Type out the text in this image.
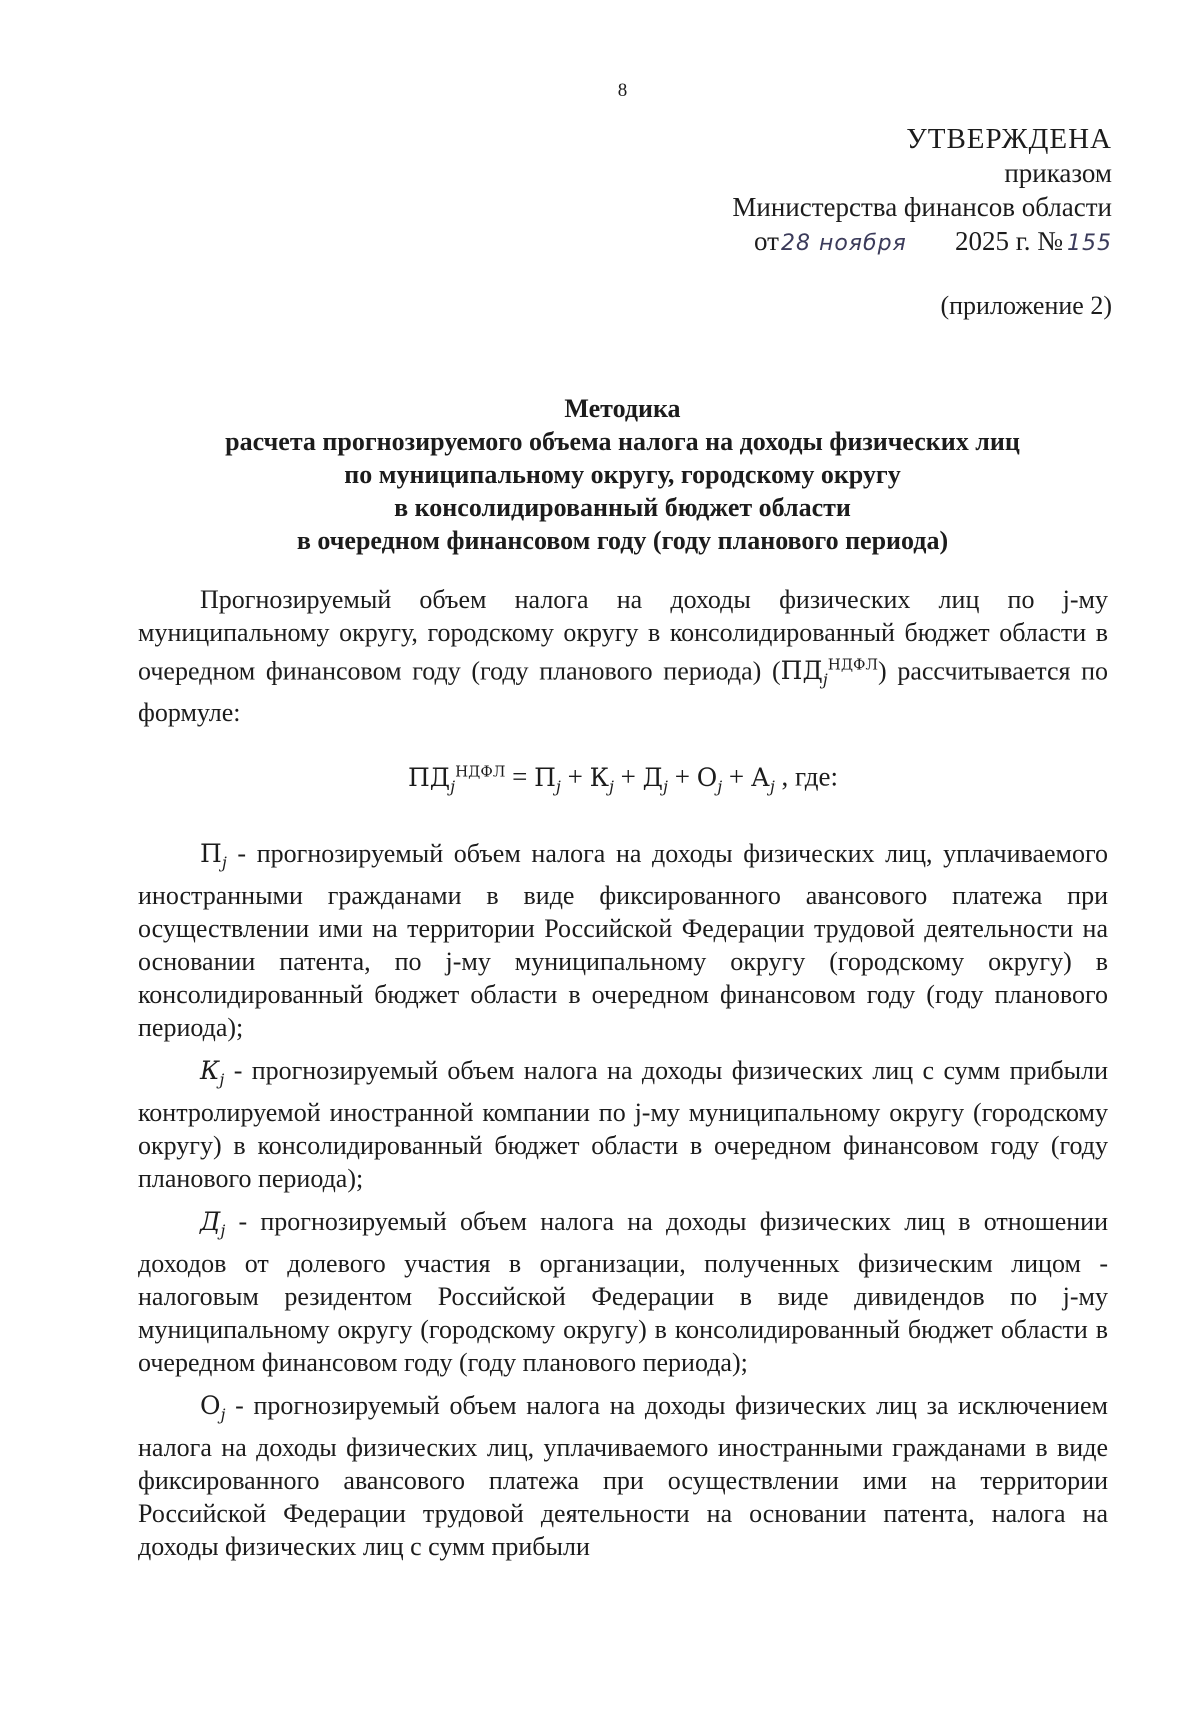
8
УТВЕРЖДЕНА
приказом
Министерства финансов области
от28 ноября 2025 г. № 155
(приложение 2)
Методика
расчета прогнозируемого объема налога на доходы физических лиц
по муниципальному округу, городскому округу
в консолидированный бюджет области
в очередном финансовом году (году планового периода)

Прогнозируемый объем налога на доходы физических лиц по j-му муниципальному округу, городскому округу в консолидированный бюджет области в очередном финансовом году (году планового периода) $(ПД_j^{НДФЛ})$ рассчитывается по формуле:

$ПД_j^{НДФЛ} = П_j + К_j + Д_j + О_j + А_j$ , где:

$П_j$ - прогнозируемый объем налога на доходы физических лиц, уплачиваемого иностранными гражданами в виде фиксированного авансового платежа при осуществлении ими на территории Российской Федерации трудовой деятельности на основании патента, по j-му муниципальному округу (городскому округу) в консолидированный бюджет области в очередном финансовом году (году планового периода);

$К_j$ - прогнозируемый объем налога на доходы физических лиц с сумм прибыли контролируемой иностранной компании по j-му муниципальному округу (городскому округу) в консолидированный бюджет области в очередном финансовом году (году планового периода);

$Д_j$ - прогнозируемый объем налога на доходы физических лиц в отношении доходов от долевого участия в организации, полученных физическим лицом - налоговым резидентом Российской Федерации в виде дивидендов по j-му муниципальному округу (городскому округу) в консолидированный бюджет области в очередном финансовом году (году планового периода);

$О_j$ - прогнозируемый объем налога на доходы физических лиц за исключением налога на доходы физических лиц, уплачиваемого иностранными гражданами в виде фиксированного авансового платежа при осуществлении ими на территории Российской Федерации трудовой деятельности на основании патента, налога на доходы физических лиц с сумм прибыли
